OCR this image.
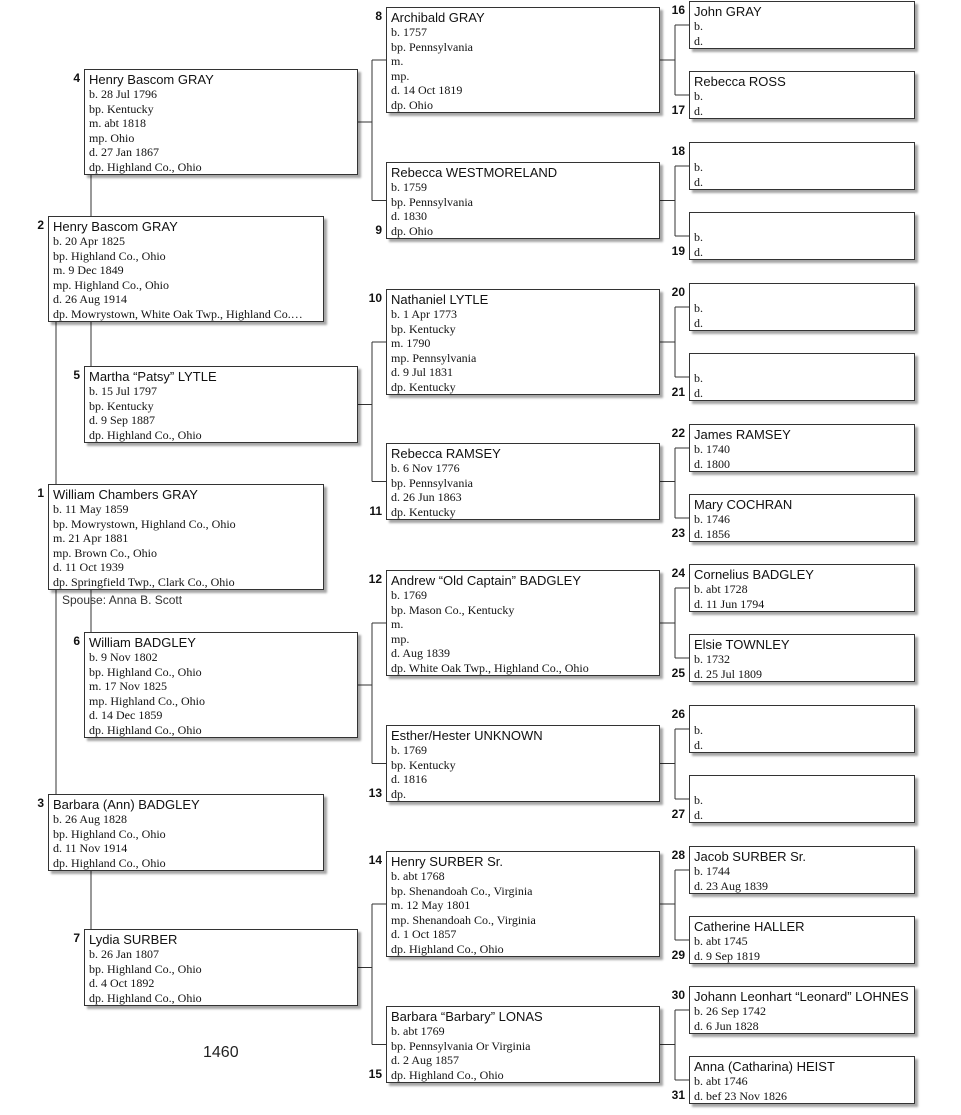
Spouse: Anna B. Scott
1460
William Chambers GRAY
b. 11 May 1859
bp. Mowrystown, Highland Co., Ohio
m. 21 Apr 1881
mp. Brown Co., Ohio
d. 11 Oct 1939
dp. Springfield Twp., Clark Co., Ohio
1
Henry Bascom GRAY
b. 20 Apr 1825
bp. Highland Co., Ohio
m. 9 Dec 1849
mp. Highland Co., Ohio
d. 26 Aug 1914
dp. Mowrystown, White Oak Twp., Highland Co.…
2
Barbara (Ann) BADGLEY
b. 26 Aug 1828
bp. Highland Co., Ohio
d. 11 Nov 1914
dp. Highland Co., Ohio
3
Henry Bascom GRAY
b. 28 Jul 1796
bp. Kentucky
m. abt 1818
mp. Ohio
d. 27 Jan 1867
dp. Highland Co., Ohio
4
Martha “Patsy” LYTLE
b. 15 Jul 1797
bp. Kentucky
d. 9 Sep 1887
dp. Highland Co., Ohio
5
William BADGLEY
b. 9 Nov 1802
bp. Highland Co., Ohio
m. 17 Nov 1825
mp. Highland Co., Ohio
d. 14 Dec 1859
dp. Highland Co., Ohio
6
Lydia SURBER
b. 26 Jan 1807
bp. Highland Co., Ohio
d. 4 Oct 1892
dp. Highland Co., Ohio
7
Archibald GRAY
b. 1757
bp. Pennsylvania
m.
mp.
d. 14 Oct 1819
dp. Ohio
8
Rebecca WESTMORELAND
b. 1759
bp. Pennsylvania
d. 1830
dp. Ohio
9
Nathaniel LYTLE
b. 1 Apr 1773
bp. Kentucky
m. 1790
mp. Pennsylvania
d. 9 Jul 1831
dp. Kentucky
10
Rebecca RAMSEY
b. 6 Nov 1776
bp. Pennsylvania
d. 26 Jun 1863
dp. Kentucky
11
Andrew “Old Captain” BADGLEY
b. 1769
bp. Mason Co., Kentucky
m.
mp.
d. Aug 1839
dp. White Oak Twp., Highland Co., Ohio
12
Esther/Hester UNKNOWN
b. 1769
bp. Kentucky
d. 1816
dp.
13
Henry SURBER Sr.
b. abt 1768
bp. Shenandoah Co., Virginia
m. 12 May 1801
mp. Shenandoah Co., Virginia
d. 1 Oct 1857
dp. Highland Co., Ohio
14
Barbara “Barbary” LONAS
b. abt 1769
bp. Pennsylvania Or Virginia
d. 2 Aug 1857
dp. Highland Co., Ohio
15
John GRAY
b.
d.
16
Rebecca ROSS
b.
d.
17

b.
d.
18

b.
d.
19

b.
d.
20

b.
d.
21
James RAMSEY
b. 1740
d. 1800
22
Mary COCHRAN
b. 1746
d. 1856
23
Cornelius BADGLEY
b. abt 1728
d. 11 Jun 1794
24
Elsie TOWNLEY
b. 1732
d. 25 Jul 1809
25

b.
d.
26

b.
d.
27
Jacob SURBER Sr.
b. 1744
d. 23 Aug 1839
28
Catherine HALLER
b. abt 1745
d. 9 Sep 1819
29
Johann Leonhart “Leonard” LOHNES
b. 26 Sep 1742
d. 6 Jun 1828
30
Anna (Catharina) HEIST
b. abt 1746
d. bef 23 Nov 1826
31
